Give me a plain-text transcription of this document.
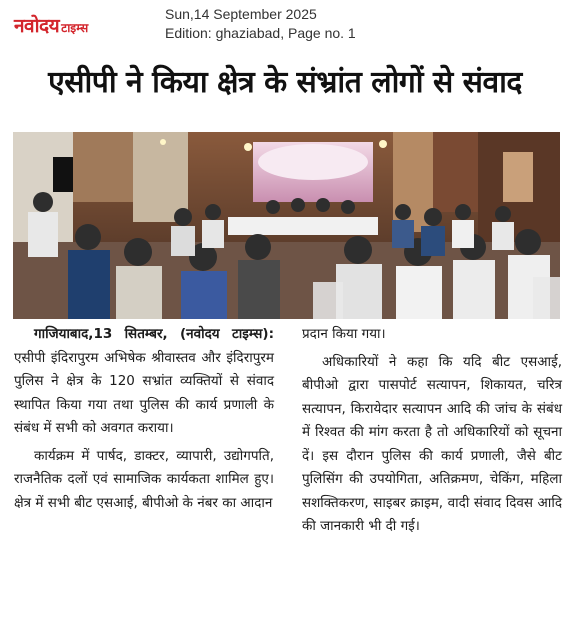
नवोदय टाइम्स
Sun,14 September 2025
Edition: ghaziabad, Page no. 1
एसीपी ने किया क्षेत्र के संभ्रांत लोगों से संवाद

गाजियाबाद,13 सितम्बर, (नवोदय टाइम्स): एसीपी इंदिरापुरम अभिषेक श्रीवास्तव और इंदिरापुरम पुलिस ने क्षेत्र के 120 सभ्रांत व्यक्तियों से संवाद स्थापित किया गया तथा पुलिस की कार्य प्रणाली के संबंध में सभी को अवगत कराया।

कार्यक्रम में पार्षद, डाक्टर, व्यापारी, उद्योगपति, राजनैतिक दलों एवं सामाजिक कार्यकता शामिल हुए। क्षेत्र में सभी बीट एसआई, बीपीओ के नंबर का आदान

प्रदान किया गया।

अधिकारियों ने कहा कि यदि बीट एसआई, बीपीओ द्वारा पासपोर्ट सत्यापन, शिकायत, चरित्र सत्यापन, किरायेदार सत्यापन आदि की जांच के संबंध में रिश्वत की मांग करता है तो अधिकारियों को सूचना दें। इस दौरान पुलिस की कार्य प्रणाली, जैसे बीट पुलिसिंग की उपयोगिता, अतिक्रमण, चेकिंग, महिला सशक्तिकरण, साइबर क्राइम, वादी संवाद दिवस आदि की जानकारी भी दी गई।
